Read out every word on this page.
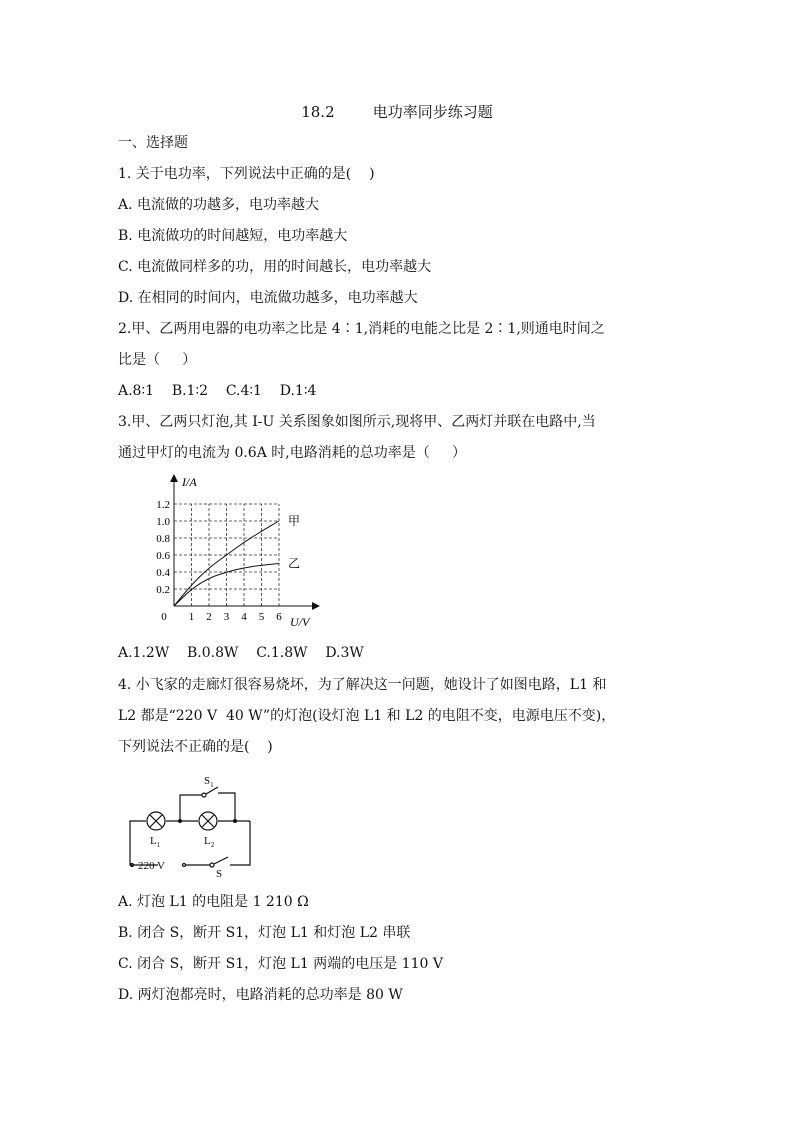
18.2        电功率同步练习题
一、选择题
1. 关于电功率，下列说法中正确的是(    )
A. 电流做的功越多，电功率越大
B. 电流做功的时间越短，电功率越大
C. 电流做同样多的功，用的时间越长，电功率越大
D. 在相同的时间内，电流做功越多，电功率越大
2.甲、乙两用电器的电功率之比是 4∶1,消耗的电能之比是 2∶1,则通电时间之
比是（     ）
A.8∶1    B.1∶2    C.4∶1    D.1∶4
3.甲、乙两只灯泡,其 I-U 关系图象如图所示,现将甲、乙两灯并联在电路中,当
通过甲灯的电流为 0.6A 时,电路消耗的总功率是（     ）
甲
乙
0 1 2 3 4 5 6
0.2
0.4
0.6
0.8
1.0
1.2
I/A
U/V
A.1.2W    B.0.8W    C.1.8W    D.3W
4. 小飞家的走廊灯很容易烧坏，为了解决这一问题，她设计了如图电路，L1 和
L2 都是“220 V  40 W”的灯泡(设灯泡 L1 和 L2 的电阻不变，电源电压不变)，
下列说法不正确的是(    )
$S_1$
$L_1$	$L_2$
220 V
S
A. 灯泡 L1 的电阻是 1 210 Ω
B. 闭合 S，断开 S1，灯泡 L1 和灯泡 L2 串联
C. 闭合 S，断开 S1，灯泡 L1 两端的电压是 110 V
D. 两灯泡都亮时，电路消耗的总功率是 80 W
